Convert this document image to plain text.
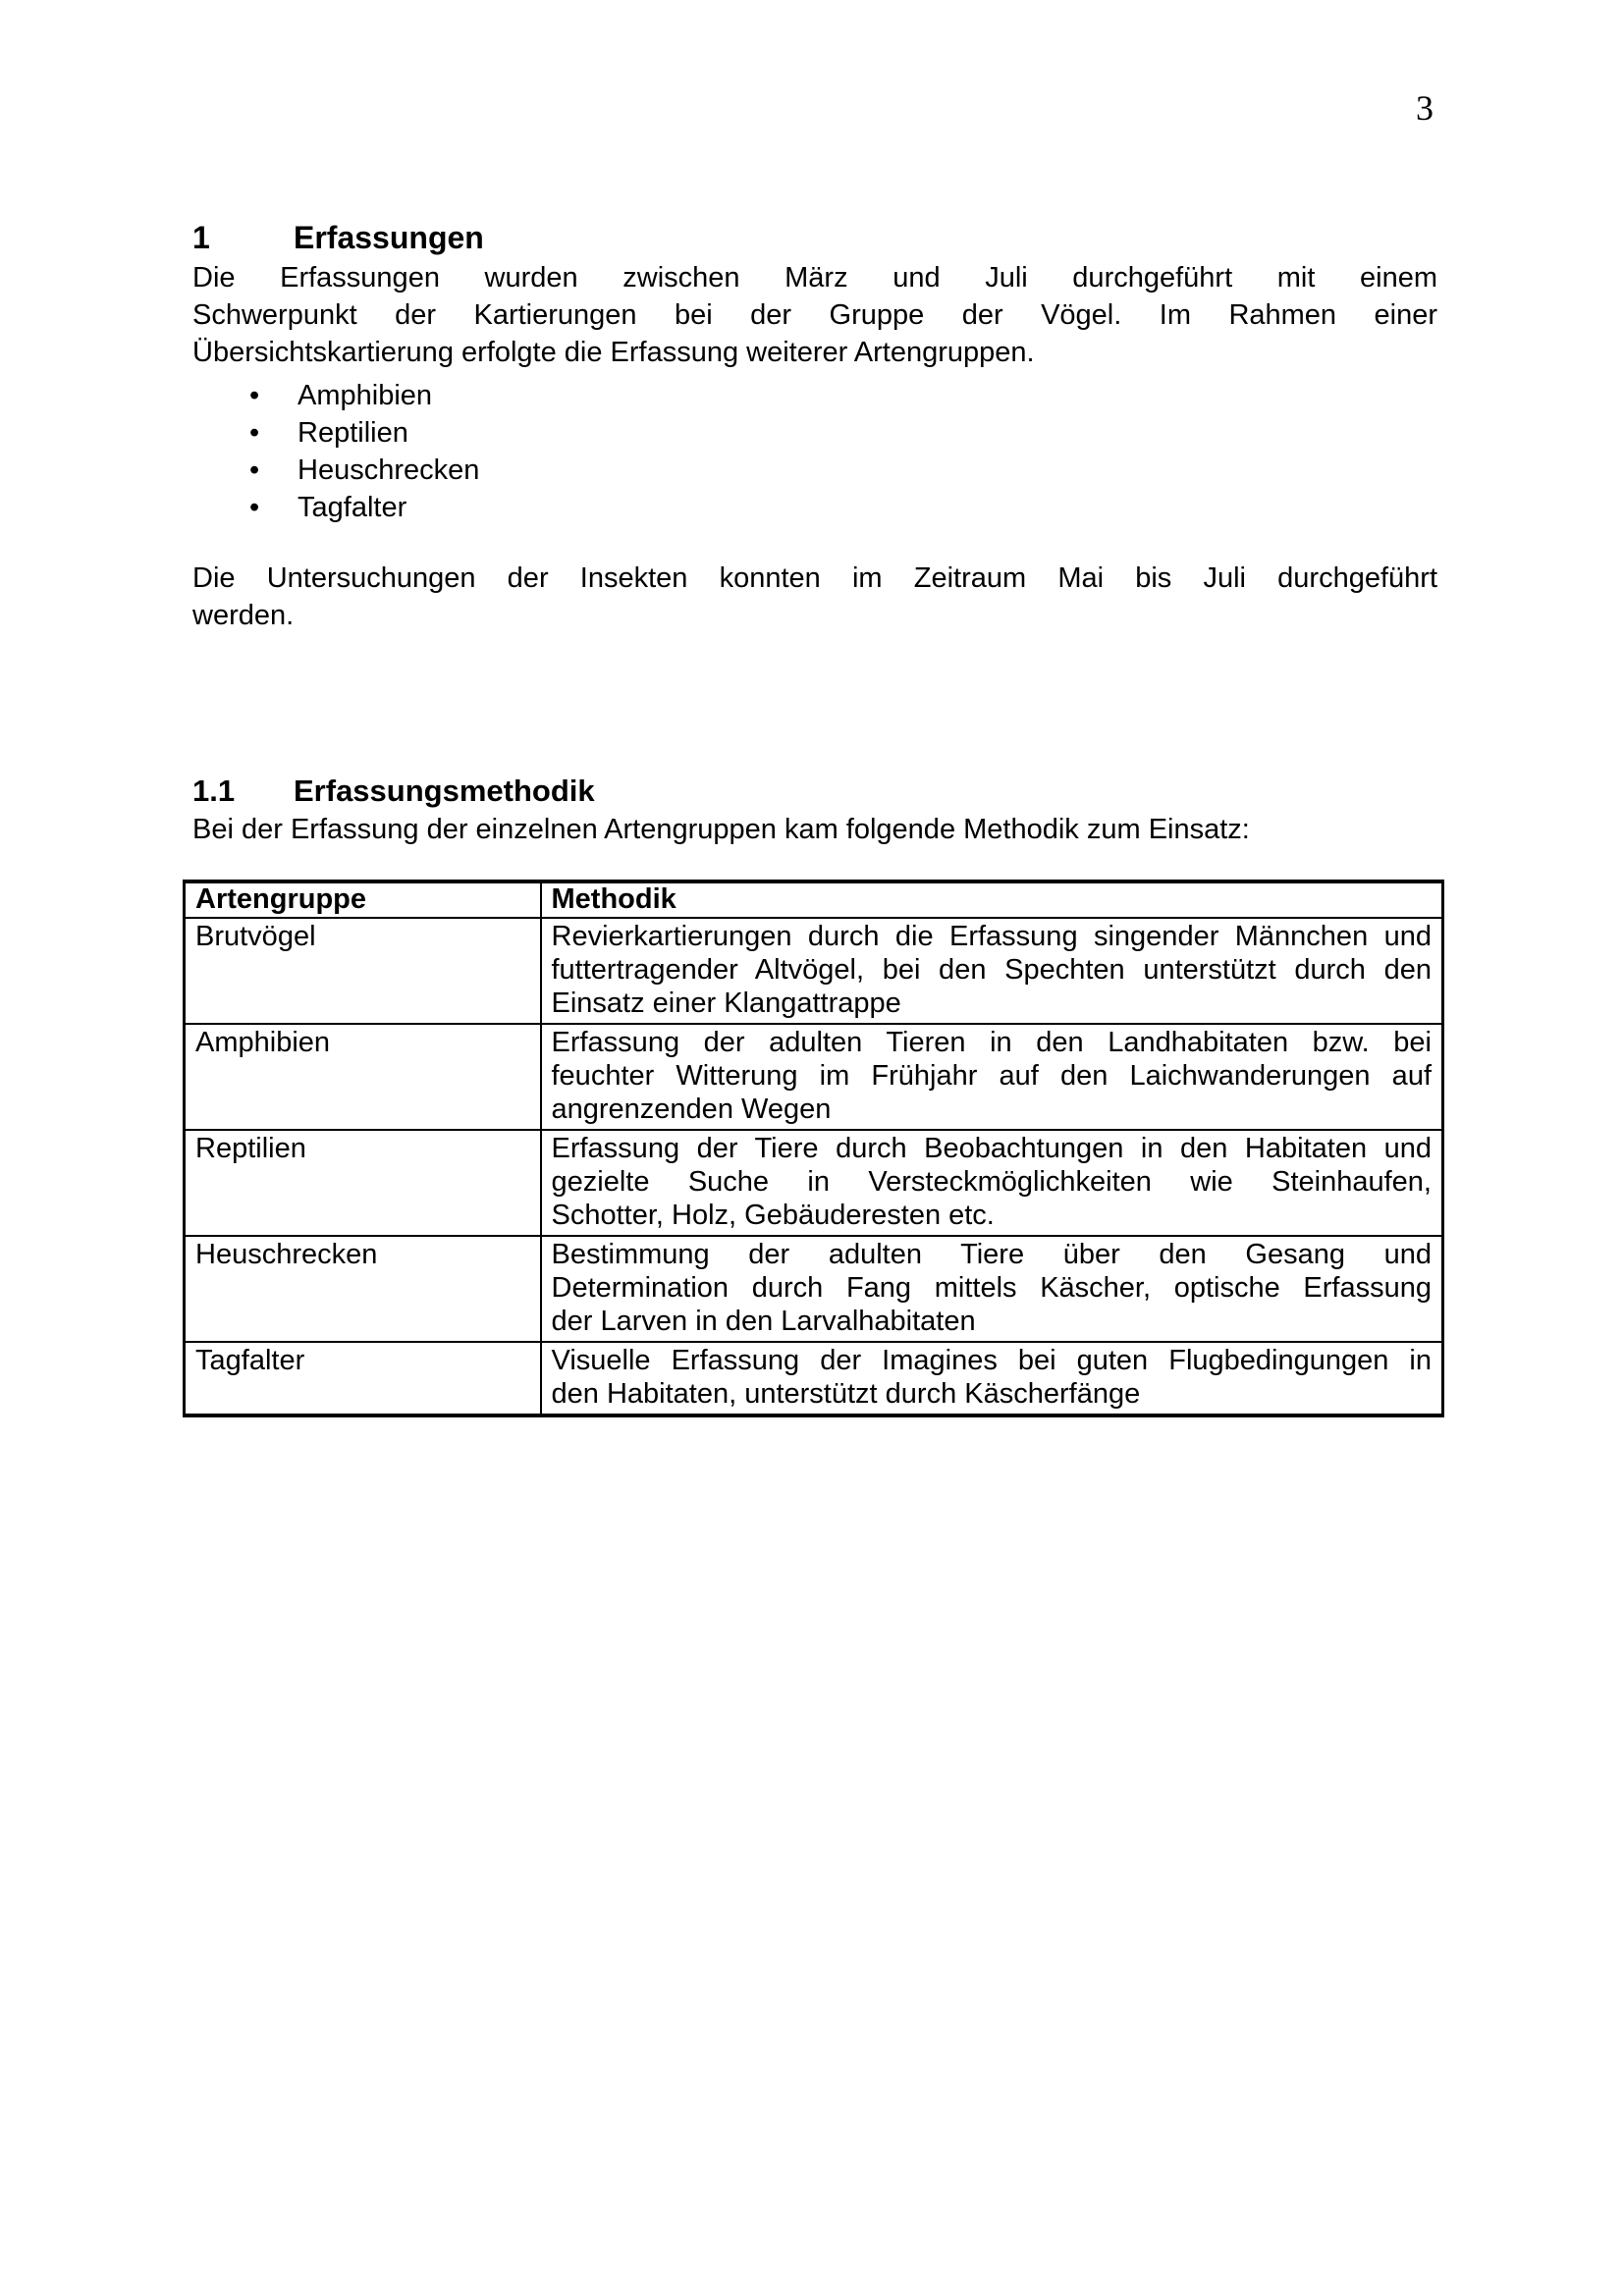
3
1	Erfassungen
Die Erfassungen wurden zwischen März und Juli durchgeführt mit einem
Schwerpunkt der Kartierungen bei der Gruppe der Vögel. Im Rahmen einer
Übersichtskartierung erfolgte die Erfassung weiterer Artengruppen.
• Amphibien
• Reptilien
• Heuschrecken
• Tagfalter
Die Untersuchungen der Insekten konnten im Zeitraum Mai bis Juli durchgeführt
werden.
1.1 Erfassungsmethodik
Bei der Erfassung der einzelnen Artengruppen kam folgende Methodik zum Einsatz:
Artengruppe	Methodik
Brutvögel	Revierkartierungen durch die Erfassung singender Männchen und
futtertragender Altvögel, bei den Spechten unterstützt durch den
Einsatz einer Klangattrappe

Amphibien	Erfassung der adulten Tieren in den Landhabitaten bzw. bei
feuchter Witterung im Frühjahr auf den Laichwanderungen auf
angrenzenden Wegen

Reptilien	Erfassung der Tiere durch Beobachtungen in den Habitaten und
gezielte Suche in Versteckmöglichkeiten wie Steinhaufen,
Schotter, Holz, Gebäuderesten etc.

Heuschrecken	Bestimmung der adulten Tiere über den Gesang und
Determination durch Fang mittels Käscher, optische Erfassung
der Larven in den Larvalhabitaten

Tagfalter	Visuelle Erfassung der Imagines bei guten Flugbedingungen in
den Habitaten, unterstützt durch Käscherfänge
